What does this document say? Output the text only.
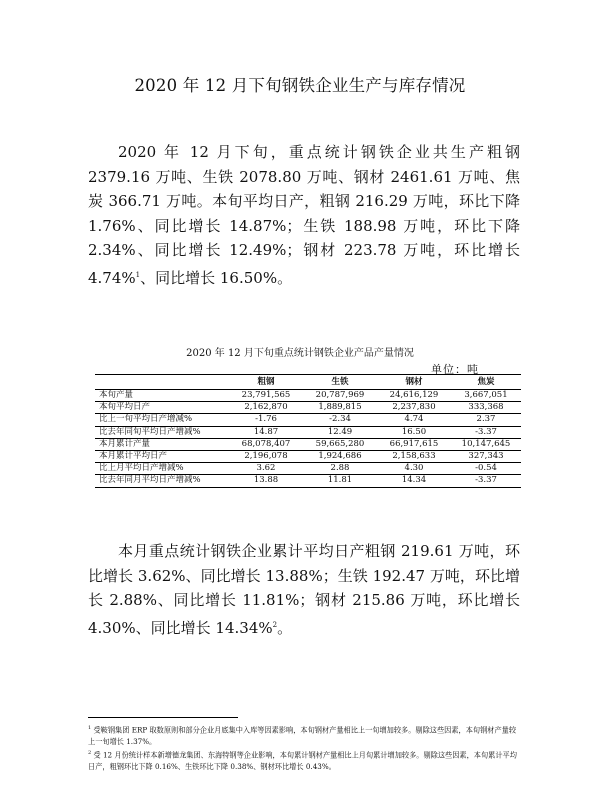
2020 年 12 月下旬钢铁企业生产与库存情况
2020 年 12 月下旬，重点统计钢铁企业共生产粗钢 2379.16 万吨、生铁 2078.80 万吨、钢材 2461.61 万吨、焦炭 366.71 万吨。本旬平均日产，粗钢 216.29 万吨，环比下降 1.76%、同比增长 14.87%；生铁 188.98 万吨，环比下降 2.34%、同比增长 12.49%；钢材 223.78 万吨，环比增长 4.74%$^1$、同比增长 16.50%。
2020 年 12 月下旬重点统计钢铁企业产品产量情况
单位：吨
	粗钢	生铁	钢材	焦炭
本旬产量	23,791,565	20,787,969	24,616,129	3,667,051
本旬平均日产	2,162,870	1,889,815	2,237,830	333,368
比上一旬平均日产增减%	-1.76	-2.34	4.74	2.37
比去年同旬平均日产增减%	14.87	12.49	16.50	-3.37
本月累计产量	68,078,407	59,665,280	66,917,615	10,147,645
本月累计平均日产	2,196,078	1,924,686	2,158,633	327,343
比上月平均日产增减%	3.62	2.88	4.30	-0.54
比去年同月平均日产增减%	13.88	11.81	14.34	-3.37
本月重点统计钢铁企业累计平均日产粗钢 219.61 万吨，环比增长 3.62%、同比增长 13.88%；生铁 192.47 万吨，环比增长 2.88%、同比增长 11.81%；钢材 215.86 万吨，环比增长 4.30%、同比增长 14.34%$^2$。
$^1$ 受鞍钢集团 ERP 取数原则和部分企业月底集中入库等因素影响，本旬钢材产量相比上一旬增加较多。剔除这些因素，本旬钢材产量较上一旬增长 1.37%。
$^2$ 受 12 月份统计样本新增德龙集团、东海特钢等企业影响，本旬累计钢材产量相比上月旬累计增加较多。剔除这些因素，本旬累计平均日产，粗钢环比下降 0.16%、生铁环比下降 0.38%、钢材环比增长 0.43%。
